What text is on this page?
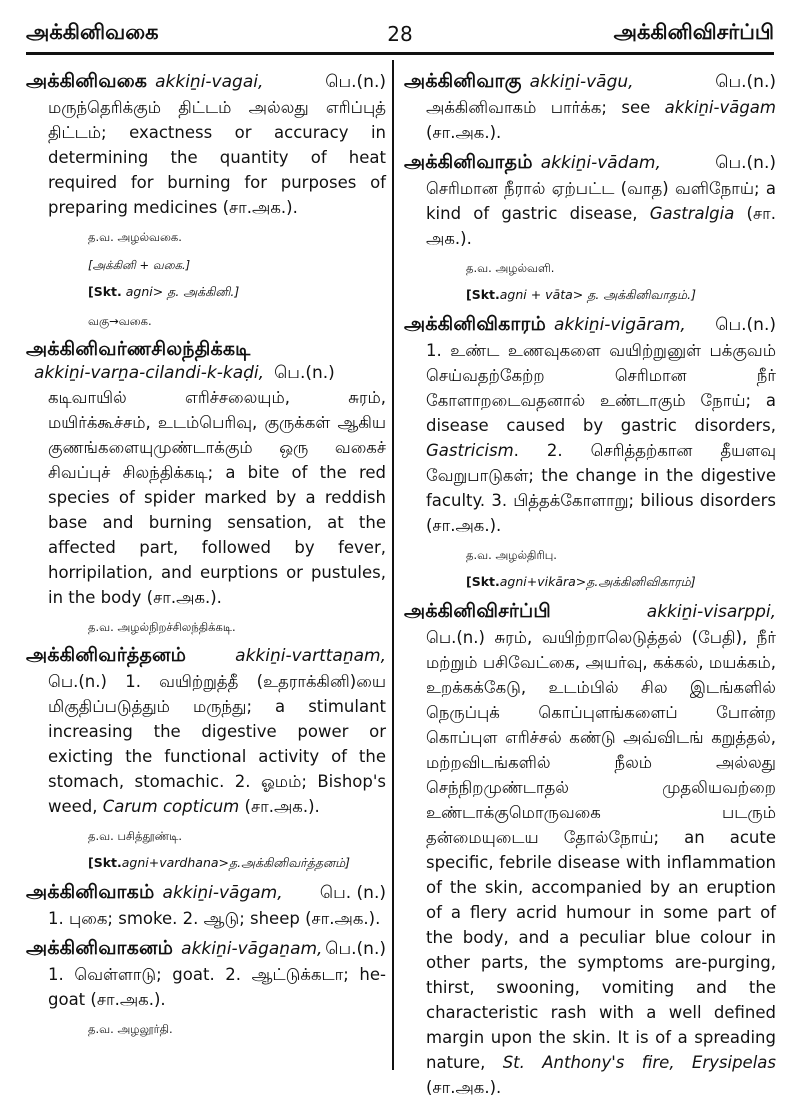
அக்கினிவகை	28	அக்கினிவிசர்ப்பி
அக்கினிவகை akkiṉi-vagai,	பெ.(n.)
மருந்தெரிக்கும் திட்டம் அல்லது எரிப்புத் திட்டம்; exactness or accuracy in determining the quantity of heat required for burning for purposes of preparing medicines (சா.அக.).
த.வ. அழல்வகை.
[அக்கினி + வகை.]
[Skt. agni> த. அக்கினி.]
வகு→வகை.
அக்கினிவர்ணசிலந்திக்கடி
akkiṉi-varṉa-cilandi-k-kaḍi, பெ.(n.)
கடிவாயில் எரிச்சலையும், சுரம், மயிர்க்கூச்சம், உடம்பெரிவு, குருக்கள் ஆகிய குணங்களையுமுண்டாக்கும் ஒரு வகைச் சிவப்புச் சிலந்திக்கடி; a bite of the red species of spider marked by a reddish base and burning sensation, at the affected part, followed by fever, horripilation, and eurptions or pustules, in the body (சா.அக.).
த.வ. அழல்நிறச்சிலந்திக்கடி.
அக்கினிவர்த்தனம்	akkiṉi-varttaṉam,
பெ.(n.) 1. வயிற்றுத்தீ (உதராக்கினி)யை மிகுதிப்படுத்தும் மருந்து; a stimulant increasing the digestive power or exicting the functional activity of the stomach, stomachic. 2. ஓமம்; Bishop's weed, Carum copticum (சா.அக.).
த.வ. பசித்தூண்டி.
[Skt.agni+vardhana>த.அக்கினிவர்த்தனம்]
அக்கினிவாகம் akkiṉi-vāgam, பெ. (n.)
1. புகை; smoke. 2. ஆடு; sheep (சா.அக.).
அக்கினிவாகனம் akkiṉi-vāgaṉam, பெ.(n.)
1. வெள்ளாடு; goat. 2. ஆட்டுக்கடா; he-goat (சா.அக.).
த.வ. அழலூர்தி.
அக்கினிவாகு akkiṉi-vāgu,	பெ.(n.)
அக்கினிவாகம் பார்க்க; see akkiṉi-vāgam (சா.அக.).
அக்கினிவாதம் akkiṉi-vādam,	பெ.(n.)
செரிமான நீரால் ஏற்பட்ட (வாத) வளிநோய்; a kind of gastric disease, Gastralgia (சா. அக.).
த.வ. அழல்வளி.
[Skt.agni + vāta> த. அக்கினிவாதம்.]
அக்கினிவிகாரம் akkiṉi-vigāram, பெ.(n.)
1. உண்ட உணவுகளை வயிற்றுனுள் பக்குவம் செய்வதற்கேற்ற செரிமான நீர் கோளாறடைவதனால் உண்டாகும் நோய்; a disease caused by gastric disorders, Gastricism. 2. செரித்தற்கான தீயளவு வேறுபாடுகள்; the change in the digestive faculty. 3. பித்தக்கோளாறு; bilious disorders (சா.அக.).
த.வ. அழல்திரிபு.
[Skt.agni+vikāra>த.அக்கினிவிகாரம்]
அக்கினிவிசர்ப்பி	akkiṉi-visarppi,
பெ.(n.) சுரம், வயிற்றாலெடுத்தல் (பேதி), நீர் மற்றும் பசிவேட்கை, அயர்வு, கக்கல், மயக்கம், உறக்கக்கேடு, உடம்பில் சில இடங்களில் நெருப்புக் கொப்புளங்களைப் போன்ற கொப்புள எரிச்சல் கண்டு அவ்விடங் கறுத்தல், மற்றவிடங்களில் நீலம் அல்லது செந்நிறமுண்டாதல் முதலியவற்றை உண்டாக்குமொருவகை படரும் தன்மையுடைய தோல்நோய்; an acute specific, febrile disease with inflammation of the skin, accompanied by an eruption of a flery acrid humour in some part of the body, and a peculiar blue colour in other parts, the symptoms are-purging, thirst, swooning, vomiting and the characteristic rash with a well defined margin upon the skin. It is of a spreading nature, St. Anthony's fire, Erysipelas (சா.அக.).
